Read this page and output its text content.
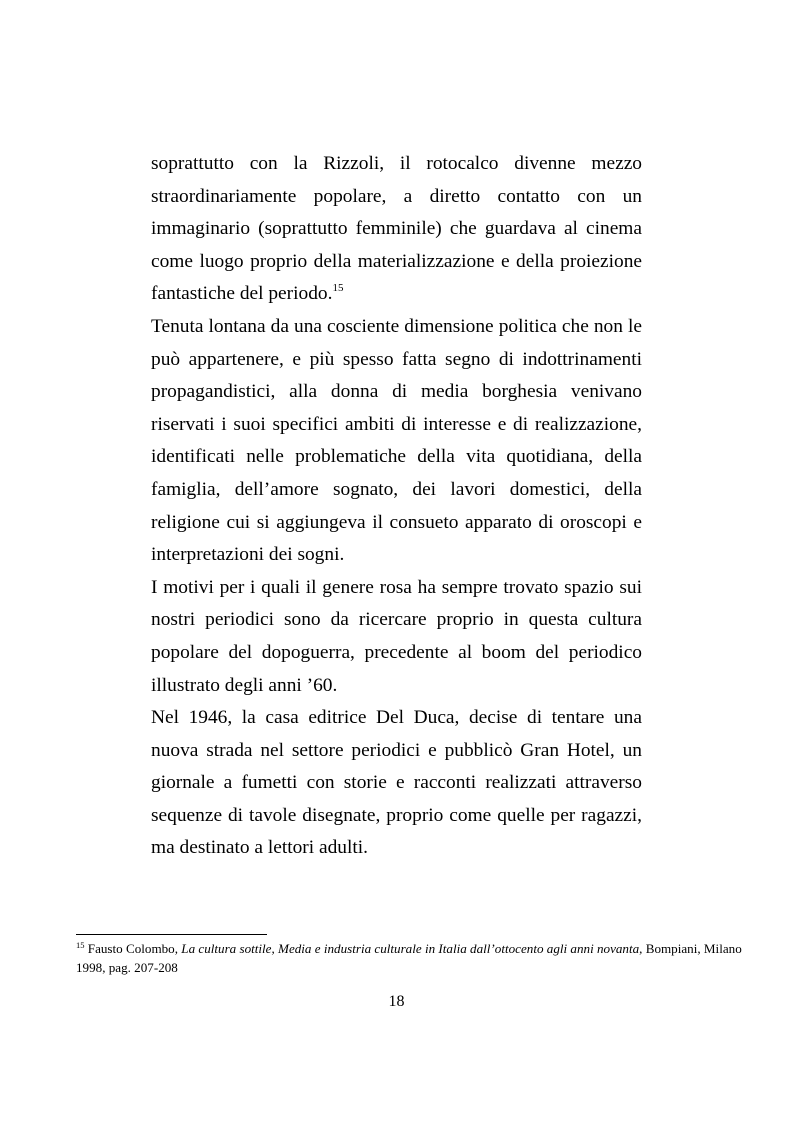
soprattutto con la Rizzoli, il rotocalco divenne mezzo straordinariamente popolare, a diretto contatto con un immaginario (soprattutto femminile) che guardava al cinema come luogo proprio della materializzazione e della proiezione fantastiche del periodo.$^{15}$

Tenuta lontana da una cosciente dimensione politica che non le può appartenere, e più spesso fatta segno di indottrinamenti propagandistici, alla donna di media borghesia venivano riservati i suoi specifici ambiti di interesse e di realizzazione, identificati nelle problematiche della vita quotidiana, della famiglia, dell’amore sognato, dei lavori domestici, della religione cui si aggiungeva il consueto apparato di oroscopi e interpretazioni dei sogni.

I motivi per i quali il genere rosa ha sempre trovato spazio sui nostri periodici sono da ricercare proprio in questa cultura popolare del dopoguerra, precedente al boom del periodico illustrato degli anni ’60.

Nel 1946, la casa editrice Del Duca, decise di tentare una nuova strada nel settore periodici e pubblicò Gran Hotel, un giornale a fumetti con storie e racconti realizzati attraverso sequenze di tavole disegnate, proprio come quelle per ragazzi, ma destinato a lettori adulti.

$^{15}$ Fausto Colombo, La cultura sottile, Media e industria culturale in Italia dall’ottocento agli anni novanta, Bompiani, Milano 1998, pag. 207-208

18
